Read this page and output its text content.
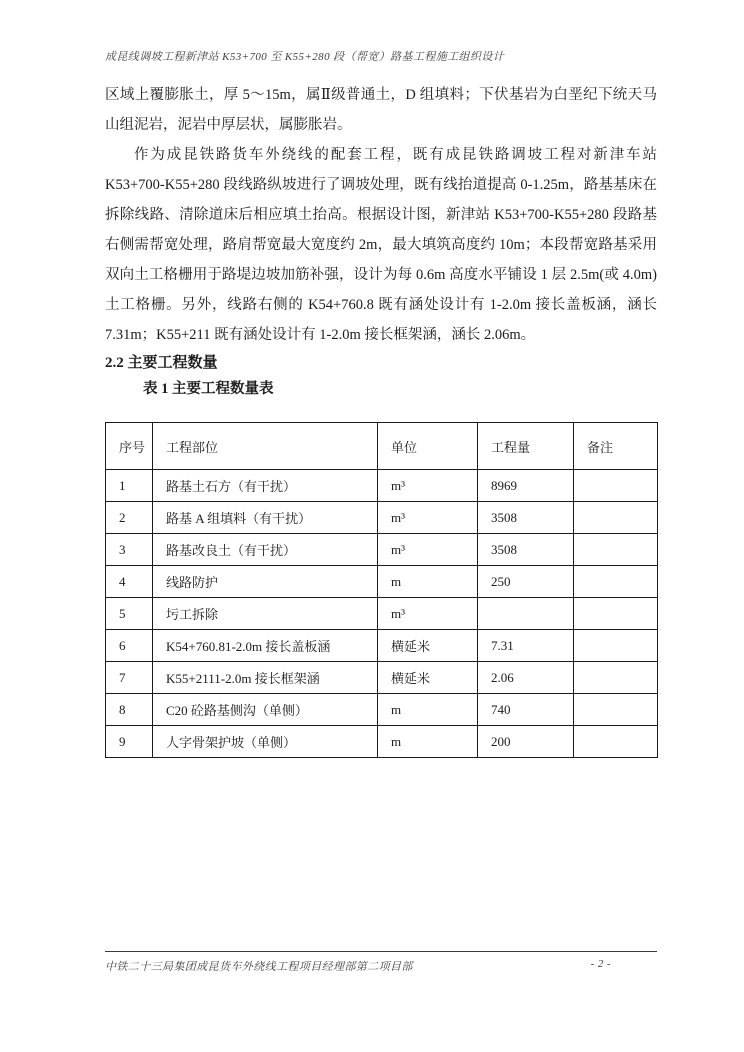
成昆线调坡工程新津站 K53+700 至 K55+280 段（帮宽）路基工程施工组织设计

区域上覆膨胀土，厚 5～15m，属Ⅱ级普通土，D 组填料；下伏基岩为白垩纪下统天马山组泥岩，泥岩中厚层状，属膨胀岩。

作为成昆铁路货车外绕线的配套工程，既有成昆铁路调坡工程对新津车站 K53+700-K55+280 段线路纵坡进行了调坡处理，既有线抬道提高 0-1.25m，路基基床在拆除线路、清除道床后相应填土抬高。根据设计图，新津站 K53+700-K55+280 段路基右侧需帮宽处理，路肩帮宽最大宽度约 2m，最大填筑高度约 10m；本段帮宽路基采用双向土工格栅用于路堤边坡加筋补强，设计为每 0.6m 高度水平铺设 1 层 2.5m(或 4.0m)土工格栅。另外，线路右侧的 K54+760.8 既有涵处设计有 1-2.0m 接长盖板涵，涵长 7.31m；K55+211 既有涵处设计有 1-2.0m 接长框架涵，涵长 2.06m。

2.2 主要工程数量
表 1 主要工程数量表
序号	工程部位	单位	工程量	备注
1	路基土石方（有干扰）	m³	8969	
2	路基 A 组填料（有干扰）	m³	3508	
3	路基改良土（有干扰）	m³	3508	
4	线路防护	m	250	
5	圬工拆除	m³		
6	K54+760.81-2.0m 接长盖板涵	横延米	7.31	
7	K55+2111-2.0m 接长框架涵	横延米	2.06	
8	C20 砼路基侧沟（单侧）	m	740	
9	人字骨架护坡（单侧）	m	200	
中铁二十三局集团成昆货车外绕线工程项目经理部第二项目部	- 2 -
